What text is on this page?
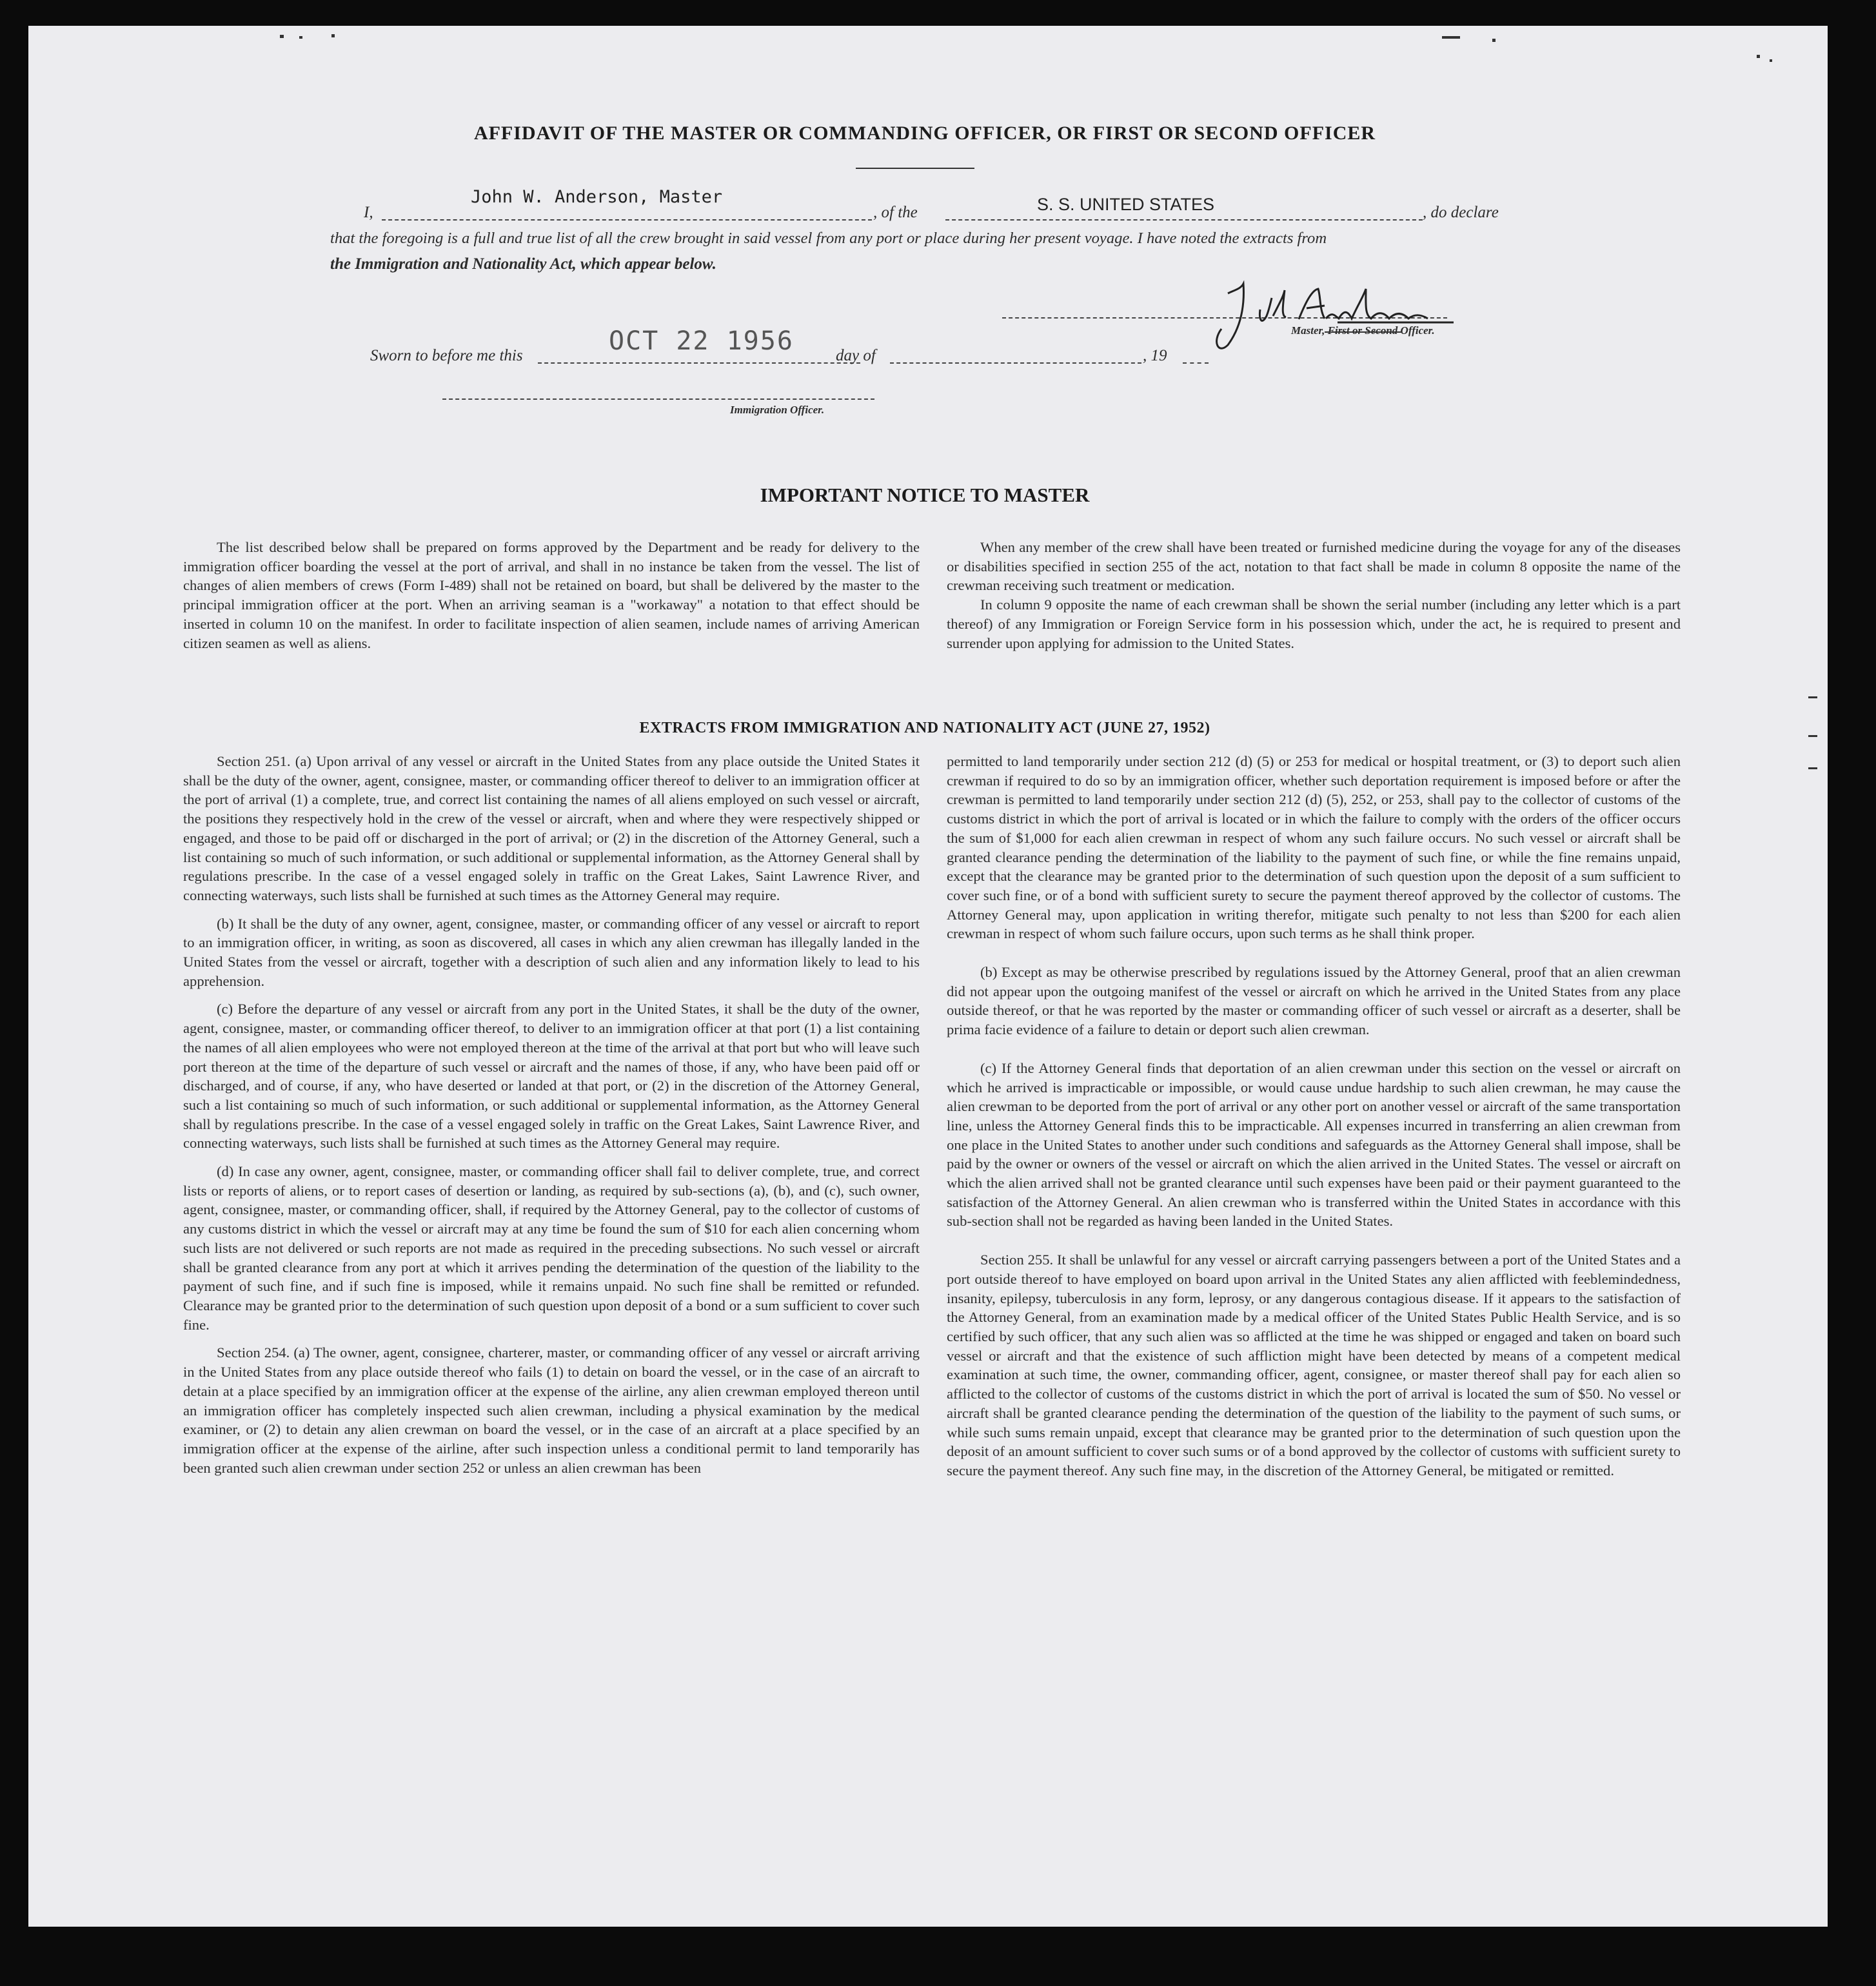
AFFIDAVIT OF THE MASTER OR COMMANDING OFFICER, OR FIRST OR SECOND OFFICER
I,
John W. Anderson, Master
, of the	S. S. UNITED STATES	, do declare
that the foregoing is a full and true list of all the crew brought in said vessel from any port or place during her present voyage. I have noted the extracts from
the Immigration and Nationality Act, which appear below.
Master, First or Second Officer.
Sworn to before me this	OCT 22 1956	day of	, 19
Immigration Officer.
IMPORTANT NOTICE TO MASTER

The list described below shall be prepared on forms approved by the Department and be ready for delivery to the immigration officer boarding the vessel at the port of arrival, and shall in no instance be taken from the vessel. The list of changes of alien members of crews (Form I-489) shall not be retained on board, but shall be delivered by the master to the principal immigration officer at the port. When an arriving seaman is a "workaway" a notation to that effect should be inserted in column 10 on the manifest. In order to facilitate inspection of alien seamen, include names of arriving American citizen seamen as well as aliens.

When any member of the crew shall have been treated or furnished medicine during the voyage for any of the diseases or disabilities specified in section 255 of the act, notation to that fact shall be made in column 8 opposite the name of the crewman receiving such treatment or medication.

In column 9 opposite the name of each crewman shall be shown the serial number (including any letter which is a part thereof) of any Immigration or Foreign Service form in his possession which, under the act, he is required to present and surrender upon applying for admission to the United States.

EXTRACTS FROM IMMIGRATION AND NATIONALITY ACT (JUNE 27, 1952)

Section 251. (a) Upon arrival of any vessel or aircraft in the United States from any place outside the United States it shall be the duty of the owner, agent, consignee, master, or commanding officer thereof to deliver to an immigration officer at the port of arrival (1) a complete, true, and correct list containing the names of all aliens employed on such vessel or aircraft, the positions they respectively hold in the crew of the vessel or aircraft, when and where they were respectively shipped or engaged, and those to be paid off or discharged in the port of arrival; or (2) in the discretion of the Attorney General, such a list containing so much of such information, or such additional or supplemental information, as the Attorney General shall by regulations prescribe. In the case of a vessel engaged solely in traffic on the Great Lakes, Saint Lawrence River, and connecting waterways, such lists shall be furnished at such times as the Attorney General may require.

(b) It shall be the duty of any owner, agent, consignee, master, or commanding officer of any vessel or aircraft to report to an immigration officer, in writing, as soon as discovered, all cases in which any alien crewman has illegally landed in the United States from the vessel or aircraft, together with a description of such alien and any information likely to lead to his apprehension.

(c) Before the departure of any vessel or aircraft from any port in the United States, it shall be the duty of the owner, agent, consignee, master, or commanding officer thereof, to deliver to an immigration officer at that port (1) a list containing the names of all alien employees who were not employed thereon at the time of the arrival at that port but who will leave such port thereon at the time of the departure of such vessel or aircraft and the names of those, if any, who have been paid off or discharged, and of course, if any, who have deserted or landed at that port, or (2) in the discretion of the Attorney General, such a list containing so much of such information, or such additional or supplemental information, as the Attorney General shall by regulations prescribe. In the case of a vessel engaged solely in traffic on the Great Lakes, Saint Lawrence River, and connecting waterways, such lists shall be furnished at such times as the Attorney General may require.

(d) In case any owner, agent, consignee, master, or commanding officer shall fail to deliver complete, true, and correct lists or reports of aliens, or to report cases of desertion or landing, as required by sub-sections (a), (b), and (c), such owner, agent, consignee, master, or commanding officer, shall, if required by the Attorney General, pay to the collector of customs of any customs district in which the vessel or aircraft may at any time be found the sum of $10 for each alien concerning whom such lists are not delivered or such reports are not made as required in the preceding subsections. No such vessel or aircraft shall be granted clearance from any port at which it arrives pending the determination of the question of the liability to the payment of such fine, and if such fine is imposed, while it remains unpaid. No such fine shall be remitted or refunded. Clearance may be granted prior to the determination of such question upon deposit of a bond or a sum sufficient to cover such fine.

Section 254. (a) The owner, agent, consignee, charterer, master, or commanding officer of any vessel or aircraft arriving in the United States from any place outside thereof who fails (1) to detain on board the vessel, or in the case of an aircraft to detain at a place specified by an immigration officer at the expense of the airline, any alien crewman employed thereon until an immigration officer has completely inspected such alien crewman, including a physical examination by the medical examiner, or (2) to detain any alien crewman on board the vessel, or in the case of an aircraft at a place specified by an immigration officer at the expense of the airline, after such inspection unless a conditional permit to land temporarily has been granted such alien crewman under section 252 or unless an alien crewman has been

permitted to land temporarily under section 212 (d) (5) or 253 for medical or hospital treatment, or (3) to deport such alien crewman if required to do so by an immigration officer, whether such deportation requirement is imposed before or after the crewman is permitted to land temporarily under section 212 (d) (5), 252, or 253, shall pay to the collector of customs of the customs district in which the port of arrival is located or in which the failure to comply with the orders of the officer occurs the sum of $1,000 for each alien crewman in respect of whom any such failure occurs. No such vessel or aircraft shall be granted clearance pending the determination of the liability to the payment of such fine, or while the fine remains unpaid, except that the clearance may be granted prior to the determination of such question upon the deposit of a sum sufficient to cover such fine, or of a bond with sufficient surety to secure the payment thereof approved by the collector of customs. The Attorney General may, upon application in writing therefor, mitigate such penalty to not less than $200 for each alien crewman in respect of whom such failure occurs, upon such terms as he shall think proper.

(b) Except as may be otherwise prescribed by regulations issued by the Attorney General, proof that an alien crewman did not appear upon the outgoing manifest of the vessel or aircraft on which he arrived in the United States from any place outside thereof, or that he was reported by the master or commanding officer of such vessel or aircraft as a deserter, shall be prima facie evidence of a failure to detain or deport such alien crewman.

(c) If the Attorney General finds that deportation of an alien crewman under this section on the vessel or aircraft on which he arrived is impracticable or impossible, or would cause undue hardship to such alien crewman, he may cause the alien crewman to be deported from the port of arrival or any other port on another vessel or aircraft of the same transportation line, unless the Attorney General finds this to be impracticable. All expenses incurred in transferring an alien crewman from one place in the United States to another under such conditions and safeguards as the Attorney General shall impose, shall be paid by the owner or owners of the vessel or aircraft on which the alien arrived in the United States. The vessel or aircraft on which the alien arrived shall not be granted clearance until such expenses have been paid or their payment guaranteed to the satisfaction of the Attorney General. An alien crewman who is transferred within the United States in accordance with this sub-section shall not be regarded as having been landed in the United States.

Section 255. It shall be unlawful for any vessel or aircraft carrying passengers between a port of the United States and a port outside thereof to have employed on board upon arrival in the United States any alien afflicted with feeblemindedness, insanity, epilepsy, tuberculosis in any form, leprosy, or any dangerous contagious disease. If it appears to the satisfaction of the Attorney General, from an examination made by a medical officer of the United States Public Health Service, and is so certified by such officer, that any such alien was so afflicted at the time he was shipped or engaged and taken on board such vessel or aircraft and that the existence of such affliction might have been detected by means of a competent medical examination at such time, the owner, commanding officer, agent, consignee, or master thereof shall pay for each alien so afflicted to the collector of customs of the customs district in which the port of arrival is located the sum of $50. No vessel or aircraft shall be granted clearance pending the determination of the question of the liability to the payment of such sums, or while such sums remain unpaid, except that clearance may be granted prior to the determination of such question upon the deposit of an amount sufficient to cover such sums or of a bond approved by the collector of customs with sufficient surety to secure the payment thereof. Any such fine may, in the discretion of the Attorney General, be mitigated or remitted.
